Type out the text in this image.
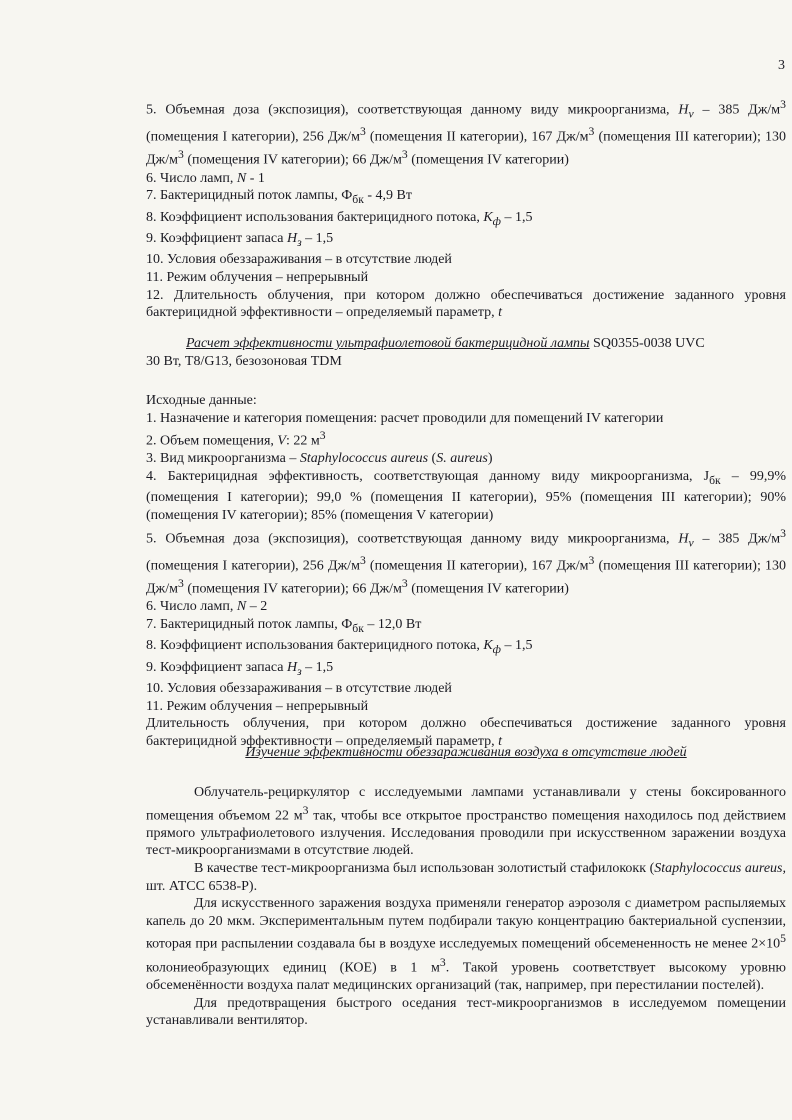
3

5. Объемная доза (экспозиция), соответствующая данному виду микроорганизма, $H_v - 385$ $Дж/м^3$ (помещения I категории), 256 $Дж/м^3$ (помещения II категории), 167 $Дж/м^3$ (помещения III категории); 130 $Дж/м^3$ (помещения IV категории); 66 $Дж/м^3$ (помещения IV категории)

6. Число ламп, N - 1

7. Бактерицидный поток лампы, $Ф_{бк} - 4,9$ Вт

8. Коэффициент использования бактерицидного потока, $K_ф - 1,5$

9. Коэффициент запаса $H_з - 1,5$

10. Условия обеззараживания – в отсутствие людей

11. Режим облучения – непрерывный

12. Длительность облучения, при котором должно обеспечиваться достижение заданного уровня бактерицидной эффективности – определяемый параметр, t

Расчет эффективности ультрафиолетовой бактерицидной лампы SQ0355-0038 UVC

30 Вт, T8/G13, безозоновая TDM

Исходные данные:

1. Назначение и категория помещения: расчет проводили для помещений IV категории

2. Объем помещения, V: 22 $м^3$

3. Вид микроорганизма – Staphylococcus aureus (S. aureus)

4. Бактерицидная эффективность, соответствующая данному виду микроорганизма, $J_{бк} - 99,9\%$ (помещения I категории); 99,0 % (помещения II категории), 95% (помещения III категории); 90% (помещения IV категории); 85% (помещения V категории)

5. Объемная доза (экспозиция), соответствующая данному виду микроорганизма, $H_v - 385$ $Дж/м^3$ (помещения I категории), 256 $Дж/м^3$ (помещения II категории), 167 $Дж/м^3$ (помещения III категории); 130 $Дж/м^3$ (помещения IV категории); 66 $Дж/м^3$ (помещения IV категории)

6. Число ламп, N – 2

7. Бактерицидный поток лампы, $Ф_{бк} - 12,0$ Вт

8. Коэффициент использования бактерицидного потока, $K_ф - 1,5$

9. Коэффициент запаса $H_з - 1,5$

10. Условия обеззараживания – в отсутствие людей

11. Режим облучения – непрерывный

Длительность облучения, при котором должно обеспечиваться достижение заданного уровня бактерицидной эффективности – определяемый параметр, t

Изучение эффективности обеззараживания воздуха в отсутствие людей

Облучатель-рециркулятор с исследуемыми лампами устанавливали у стены боксированного помещения объемом 22 $м^3$ так, чтобы все открытое пространство помещения находилось под действием прямого ультрафиолетового излучения. Исследования проводили при искусственном заражении воздуха тест-микроорганизмами в отсутствие людей.

В качестве тест-микроорганизма был использован золотистый стафилококк (Staphylococcus aureus, шт. АТСС 6538-Р).

Для искусственного заражения воздуха применяли генератор аэрозоля с диаметром распыляемых капель до 20 мкм. Экспериментальным путем подбирали такую концентрацию бактериальной суспензии, которая при распылении создавала бы в воздухе исследуемых помещений обсемененность не менее $2\times 10^5$ колониеобразующих единиц (КОЕ) в 1 $м^3$. Такой уровень соответствует высокому уровню обсеменённости воздуха палат медицинских организаций (так, например, при перестилании постелей).

Для предотвращения быстрого оседания тест-микроорганизмов в исследуемом помещении устанавливали вентилятор.
